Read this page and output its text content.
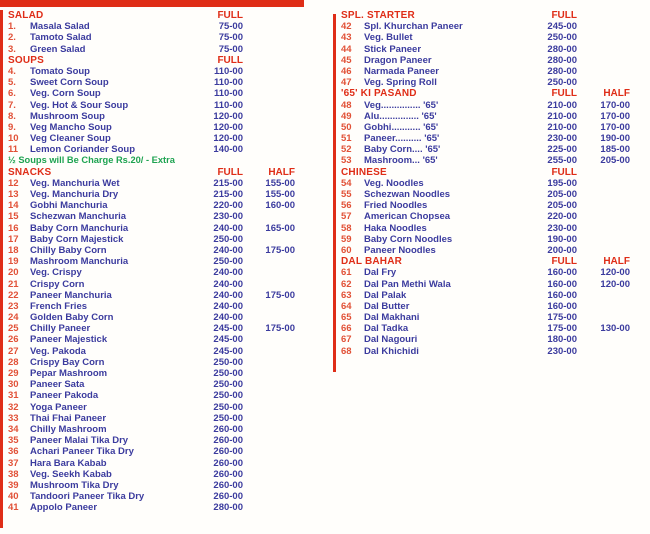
SALAD	FULL
1.	Masala Salad	75-00
2.	Tamoto Salad	75-00
3.	Green Salad	75-00
SOUPS	FULL
4.	Tomato Soup	110-00
5.	Sweet Corn Soup	110-00
6.	Veg. Corn Soup	110-00
7.	Veg. Hot & Sour Soup	110-00
8.	Mushroom Soup	120-00
9.	Veg Mancho Soup	120-00
10	Veg Cleaner Soup	120-00
11	Lemon Coriander Soup	140-00
½ Soups will Be Charge Rs.20/ - Extra
SNACKS	FULL	HALF
12	Veg. Manchuria Wet	215-00	155-00
13	Veg. Manchuria Dry	215-00	155-00
14	Gobhi Manchuria	220-00	160-00
15	Schezwan Manchuria	230-00
16	Baby Corn Manchuria	240-00	165-00
17	Baby Corn Majestick	250-00
18	Chilly Baby Corn	240-00	175-00
19	Mashroom Manchuria	250-00
20	Veg. Crispy	240-00
21	Crispy Corn	240-00
22	Paneer Manchuria	240-00	175-00
23	French Fries	240-00
24	Golden Baby Corn	240-00
25	Chilly Paneer	245-00	175-00
26	Paneer Majestick	245-00
27	Veg. Pakoda	245-00
28	Crispy Bay Corn	250-00
29	Pepar Mashroom	250-00
30	Paneer Sata	250-00
31	Paneer Pakoda	250-00
32	Yoga Paneer	250-00
33	Thai Fhai Paneer	250-00
34	Chilly Mashroom	260-00
35	Paneer Malai Tika Dry	260-00
36	Achari Paneer Tika Dry	260-00
37	Hara Bara Kabab	260-00
38	Veg. Seekh Kabab	260-00
39	Mushroom Tika Dry	260-00
40	Tandoori Paneer Tika Dry	260-00
41	Appolo Paneer	280-00
SPL. STARTER	FULL
42	Spl. Khurchan Paneer	245-00
43	Veg. Bullet	250-00
44	Stick Paneer	280-00
45	Dragon Paneer	280-00
46	Narmada Paneer	280-00
47	Veg. Spring Roll	250-00
'65' KI PASAND	FULL	HALF
48	Veg............... '65'	210-00	170-00
49	Alu............... '65'	210-00	170-00
50	Gobhi........... '65'	210-00	170-00
51	Paneer.......... '65'	230-00	190-00
52	Baby Corn.... '65'	225-00	185-00
53	Mashroom... '65'	255-00	205-00
CHINESE	FULL
54	Veg. Noodles	195-00
55	Schezwan Noodles	205-00
56	Fried Noodles	205-00
57	American Chopsea	220-00
58	Haka Noodles	230-00
59	Baby Corn Noodles	190-00
60	Paneer Noodles	200-00
DAL BAHAR	FULL	HALF
61	Dal Fry	160-00	120-00
62	Dal Pan Methi Wala	160-00	120-00
63	Dal Palak	160-00
64	Dal Butter	160-00
65	Dal Makhani	175-00
66	Dal Tadka	175-00	130-00
67	Dal Nagouri	180-00
68	Dal Khichidi	230-00
